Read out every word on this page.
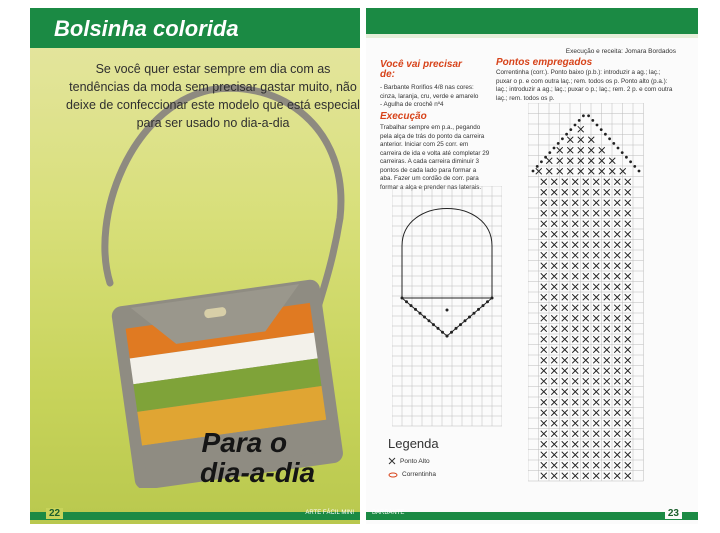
Bolsinha colorida
Se você quer estar sempre em dia com as tendências da moda sem precisar gastar muito, não deixe de confeccionar este modelo que está especial para ser usado no dia-a-dia
Para o
dia-a-dia
22	ARTE FÁCIL MINI
Execução e receita: Jomara Bordados
Você vai precisar de:
- Barbante Rorifios 4/8 nas cores:
cinza, laranja, cru, verde e amarelo
- Agulha de crochê nº4
Execução
Trabalhar sempre em p.a., pegando pela alça de trás do ponto da carreira anterior. Iniciar com 25 corr. em carreira de ida e volta até completar 29 carreiras. A cada carreira diminuir 3 pontos de cada lado para formar a aba. Fazer um cordão de corr. para formar a alça e prender nas laterais.
Pontos empregados
Correntinha (corr.). Ponto baixo (p.b.): introduzir a ag.; laç.; puxar o p. e com outra laç.; rem. todos os p. Ponto alto (p.a.): laç.; introduzir a ag.; laç.; puxar o p.; laç.; rem. 2 p. e com outra laç.; rem. todos os p.
Legenda
Ponto Alto
Correntinha
BARBANTE	23
